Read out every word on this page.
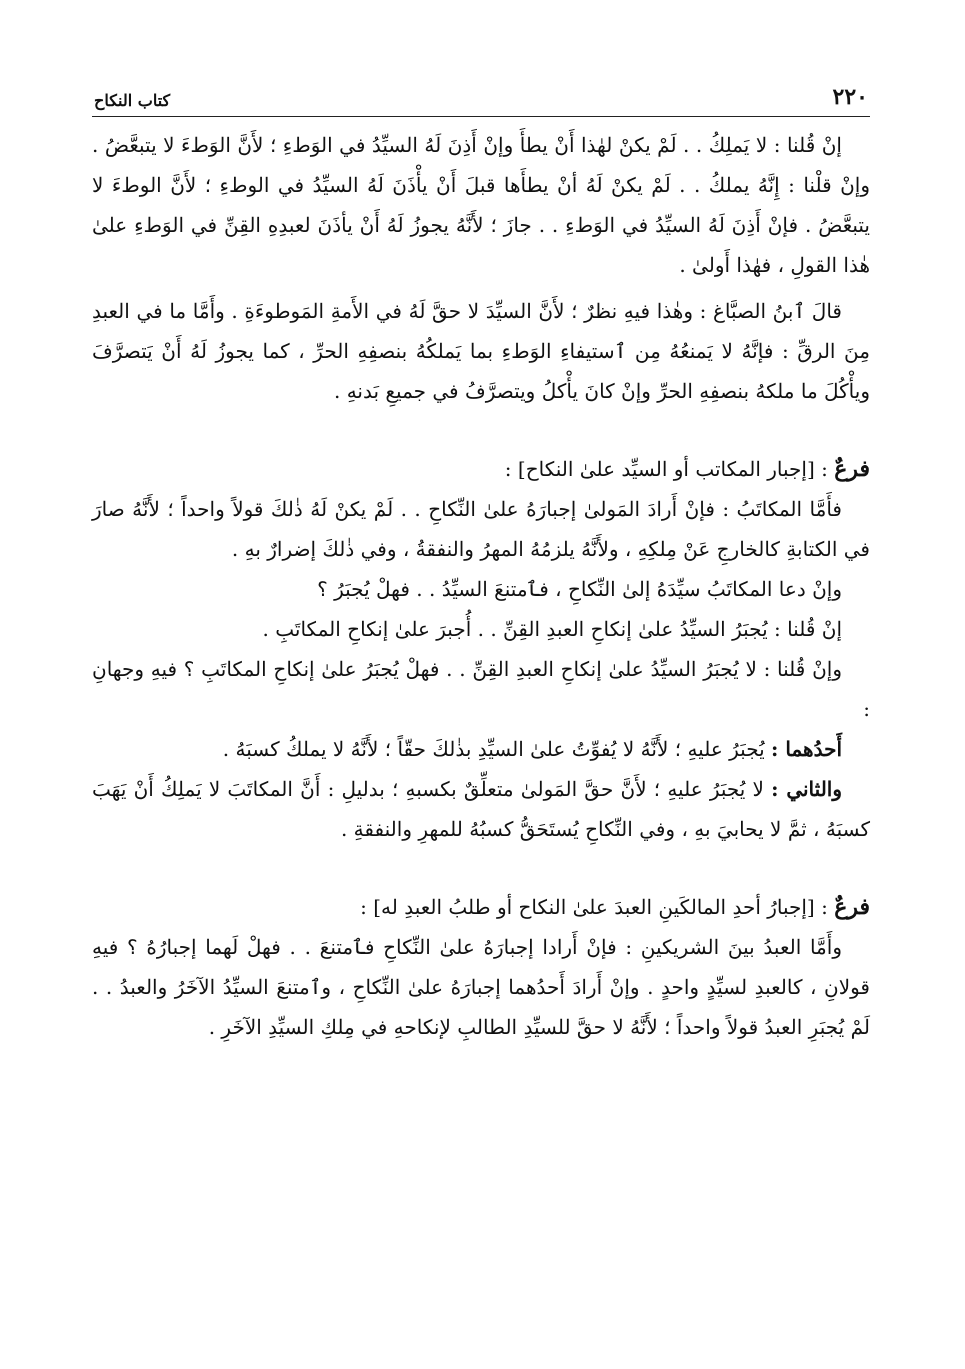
٢٢٠
كتاب النكاح

إنْ قُلنا : لا يَملِكُ . . لَمْ يكنْ لهٰذا أَنْ يطأَ وإنْ أَذِنَ لَهُ السيِّدُ في الوَطءِ ؛ لأَنَّ الوَطءَ لا يتبعَّضُ . وإنْ قلْنا : إِنَّهُ يملكُ . . لَمْ يكنْ لَهُ أنْ يطأَها قبلَ أَنْ يأْذَنَ لَهُ السيِّدُ في الوطءِ ؛ لأَنَّ الوطءَ لا يتبعَّضُ . فإنْ أَذِنَ لَهُ السيِّدُ في الوَطءِ . . جازَ ؛ لأَنَّهُ يجوزُ لَهُ أَنْ يأذَنَ لعبدِهِ القِنِّ في الوَطءِ علىٰ هٰذا القولِ ، فهٰذا أَولىٰ .

قالَ ٱبنُ الصبَّاغ : وهٰذا فيهِ نظرٌ ؛ لأَنَّ السيِّدَ لا حقَّ لَهُ في الأَمةِ المَوطوءَةِ . وأَمَّا ما في العبدِ مِنَ الرقِّ : فإنَّهُ لا يَمنعُهُ مِن ٱستيفاءِ الوَطءِ بما يَملكُهُ بنصفِهِ الحرِّ ، كما يجوزُ لَهُ أَنْ يَتصرَّفَ ويأْكُلَ ما ملكهُ بنصفِهِ الحرِّ وإنْ كانَ يأْكلُ ويتصرَّفُ في جميعِ بَدنهِ .

فرعٌ : [إجبار المكاتب أو السيِّد علىٰ النكاح] :

فأَمَّا المكاتَبُ : فإنْ أَرادَ المَولىٰ إجبارَهُ علىٰ النِّكاحِ . . لَمْ يكنْ لَهُ ذٰلكَ قولاً واحداً ؛ لأَنَّهُ صارَ في الكتابةِ كالخارجِ عَنْ مِلكِهِ ، ولأَنَّهُ يلزمُهُ المهرُ والنفقةُ ، وفي ذٰلكَ إضرارٌ بهِ .

وإنْ دعا المكاتَبُ سيِّدَهُ إلىٰ النِّكاحِ ، فٱمتنعَ السيِّدُ . . فهلْ يُجبَرُ ؟

إنْ قُلنا : يُجبَرُ السيِّدُ علىٰ إنكاحِ العبدِ القِنِّ . . أُجبرَ علىٰ إنكاحِ المكاتَبِ .

وإنْ قُلنا : لا يُجبَرُ السيِّدُ علىٰ إنكاحِ العبدِ القِنِّ . . فهلْ يُجبَرُ علىٰ إنكاحِ المكاتَبِ ؟ فيهِ وجهانِ :

أَحدُهما : يُجبَرُ عليهِ ؛ لأَنَّهُ لا يُفوِّتُ علىٰ السيِّدِ بذٰلكَ حقّاً ؛ لأَنَّهُ لا يملكُ كسبَهُ .

والثاني : لا يُجبَرُ عليهِ ؛ لأَنَّ حقَّ المَولىٰ متعلِّقٌ بكسبهِ ؛ بدليلِ : أَنَّ المكاتَبَ لا يَملِكُ أَنْ يَهَبَ كسبَهُ ، ثمَّ لا يحابيَ بهِ ، وفي النِّكاحِ يُستَحَقُّ كسبُهُ للمهرِ والنفقةِ .

فرعٌ : [إجبارُ أحدِ المالكَينِ العبدَ علىٰ النكاح أو طلبُ العبدِ له] :

وأَمَّا العبدُ بينَ الشريكينِ : فإنْ أَرادا إجبارَهُ علىٰ النِّكاحِ فٱمتنعَ . . فهلْ لَهما إجبارُهُ ؟ فيهِ قولانِ ، كالعبدِ لسيِّدٍ واحدٍ . وإنْ أَرادَ أَحدُهما إجبارَهُ علىٰ النِّكاحِ ، وٱمتنعَ السيِّدُ الآخَرُ والعبدُ . . لَمْ يُجبَرِ العبدُ قولاً واحداً ؛ لأَنَّهُ لا حقَّ للسيِّدِ الطالبِ لإنكاحهِ في مِلكِ السيِّدِ الآخَرِ .
